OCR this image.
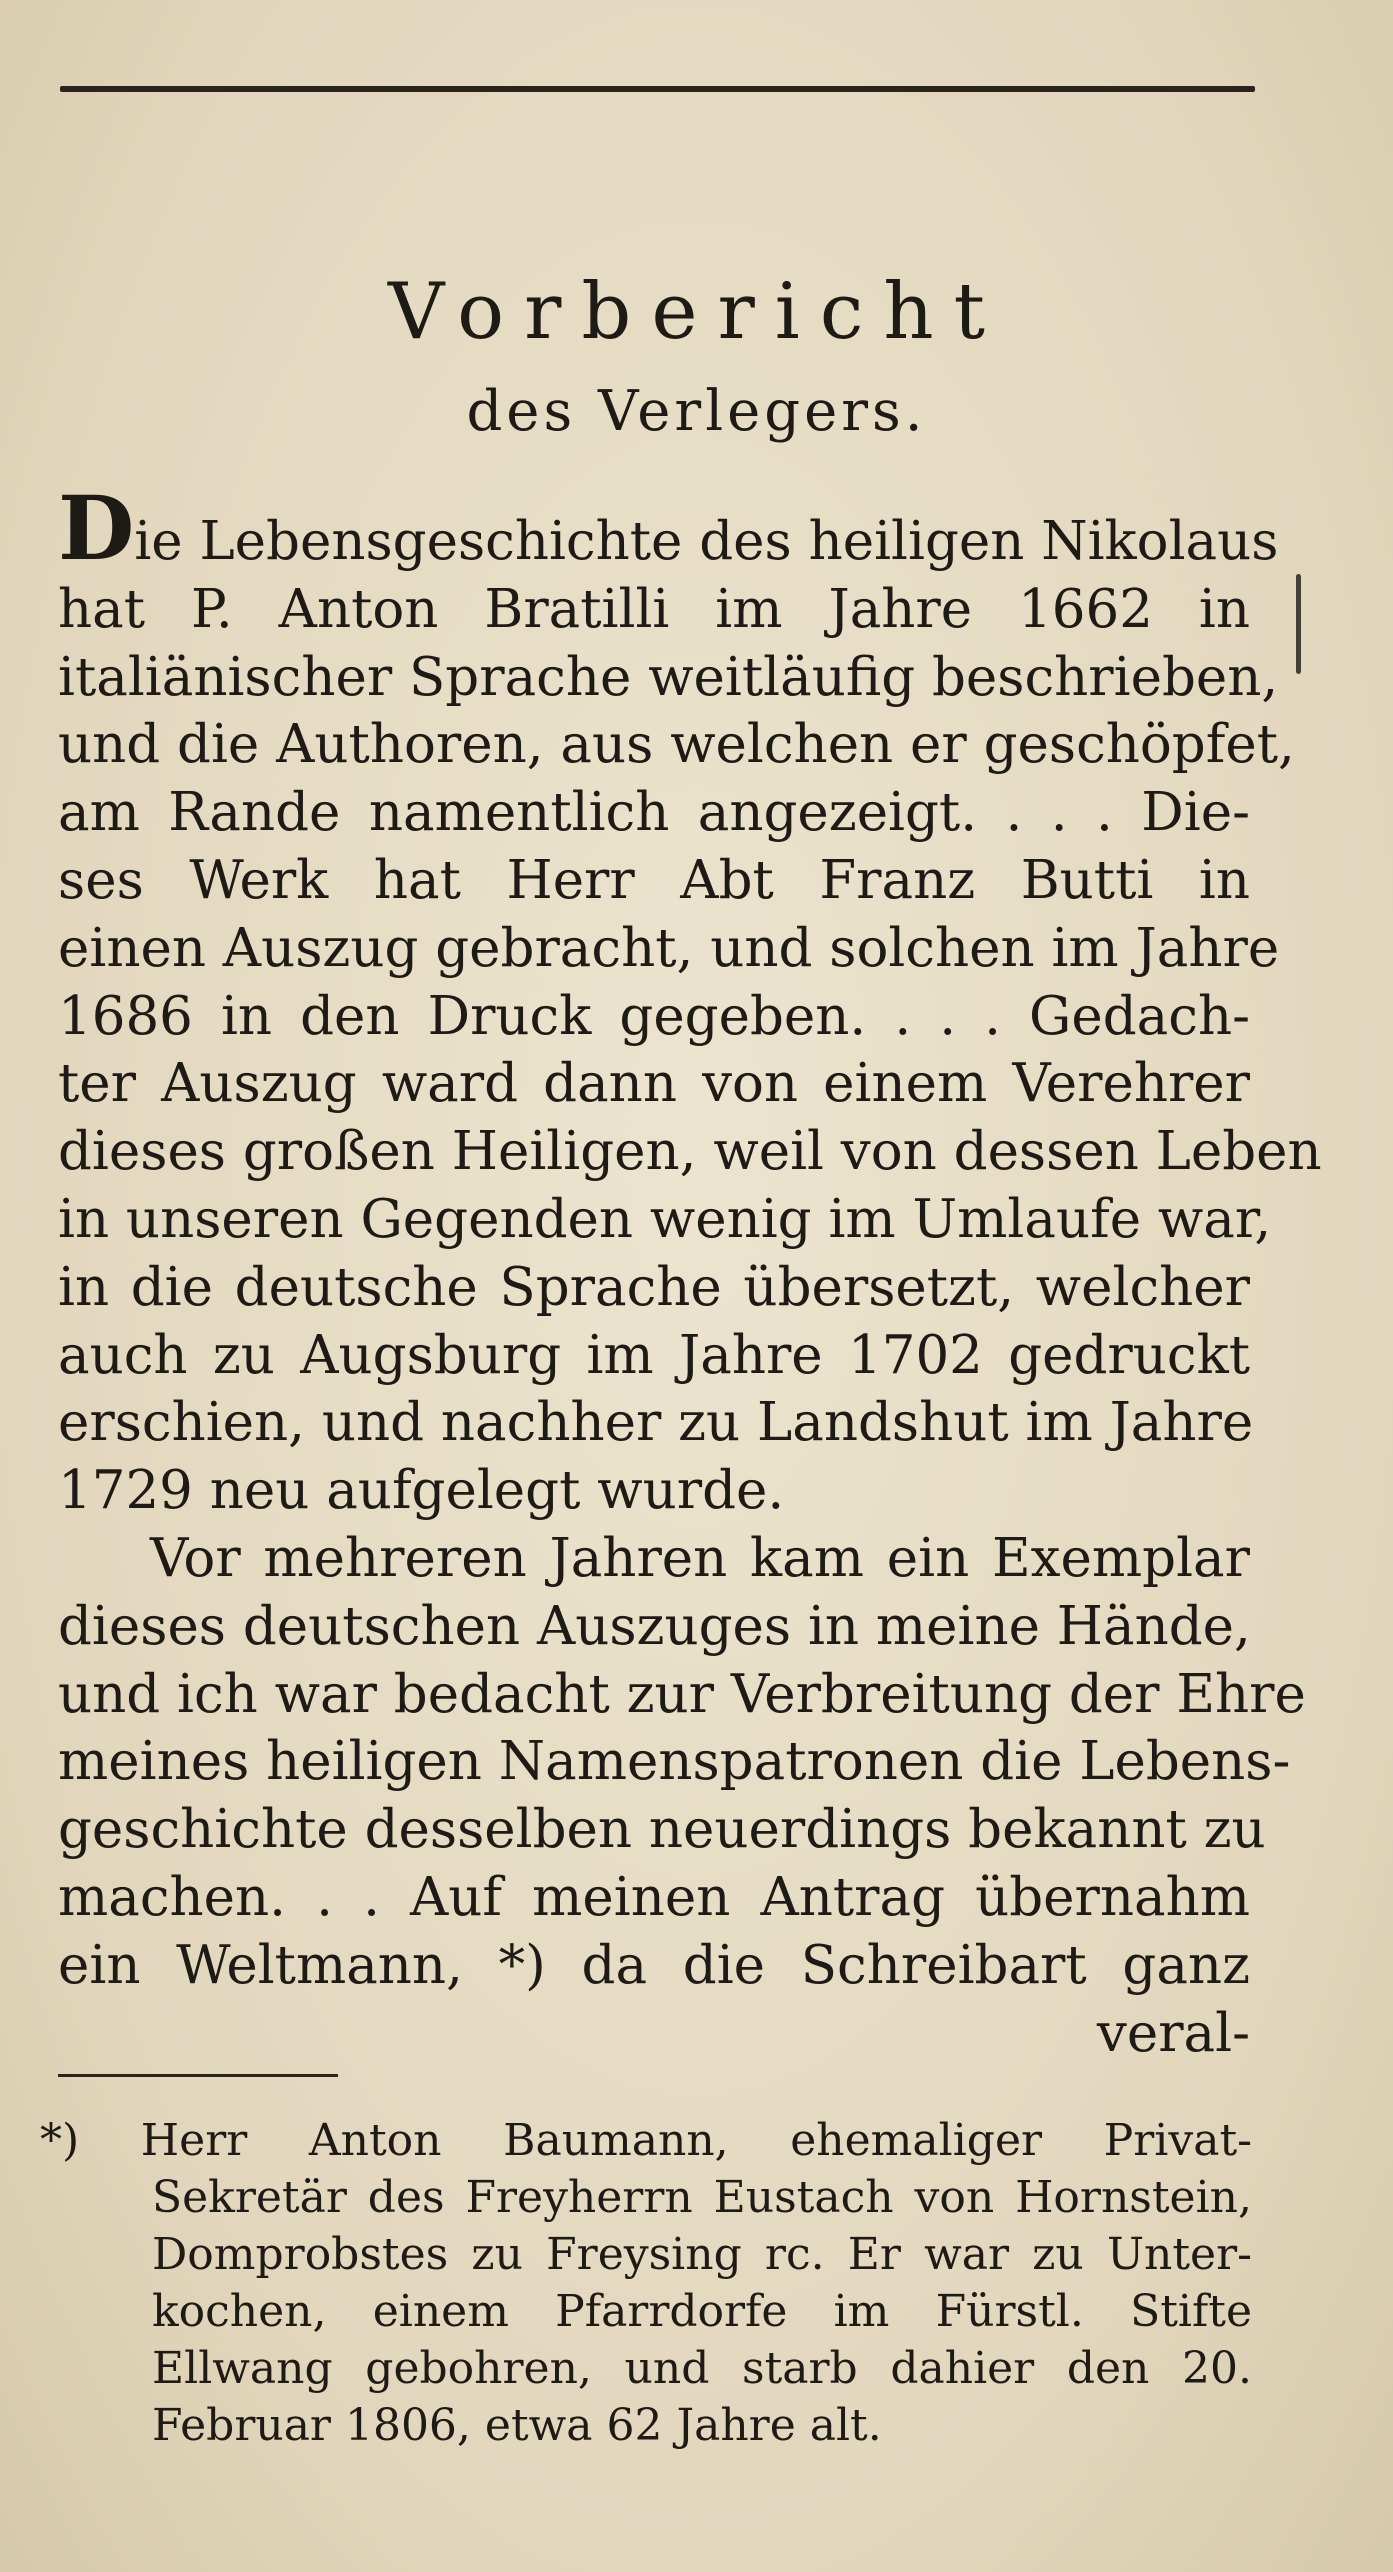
Vorbericht
des Verlegers.
Die Lebensgeschichte des heiligen Nikolaus
hat P. Anton Bratilli im Jahre 1662 in
italiänischer Sprache weitläufig beschrieben,
und die Authoren, aus welchen er geschöpfet,
am Rande namentlich angezeigt. . . . Die-
ses Werk hat Herr Abt Franz Butti in
einen Auszug gebracht, und solchen im Jahre
1686 in den Druck gegeben. . . . Gedach-
ter Auszug ward dann von einem Verehrer
dieses großen Heiligen, weil von dessen Leben
in unseren Gegenden wenig im Umlaufe war,
in die deutsche Sprache übersetzt, welcher
auch zu Augsburg im Jahre 1702 gedruckt
erschien, und nachher zu Landshut im Jahre
1729 neu aufgelegt wurde.
Vor mehreren Jahren kam ein Exemplar
dieses deutschen Auszuges in meine Hände,
und ich war bedacht zur Verbreitung der Ehre
meines heiligen Namenspatronen die Lebens-
geschichte desselben neuerdings bekannt zu
machen. . . Auf meinen Antrag übernahm
ein Weltmann, *) da die Schreibart ganz
veral-
*) Herr Anton Baumann, ehemaliger Privat-
Sekretär des Freyherrn Eustach von Hornstein,
Domprobstes zu Freysing rc. Er war zu Unter-
kochen, einem Pfarrdorfe im Fürstl. Stifte
Ellwang gebohren, und starb dahier den 20.
Februar 1806, etwa 62 Jahre alt.
